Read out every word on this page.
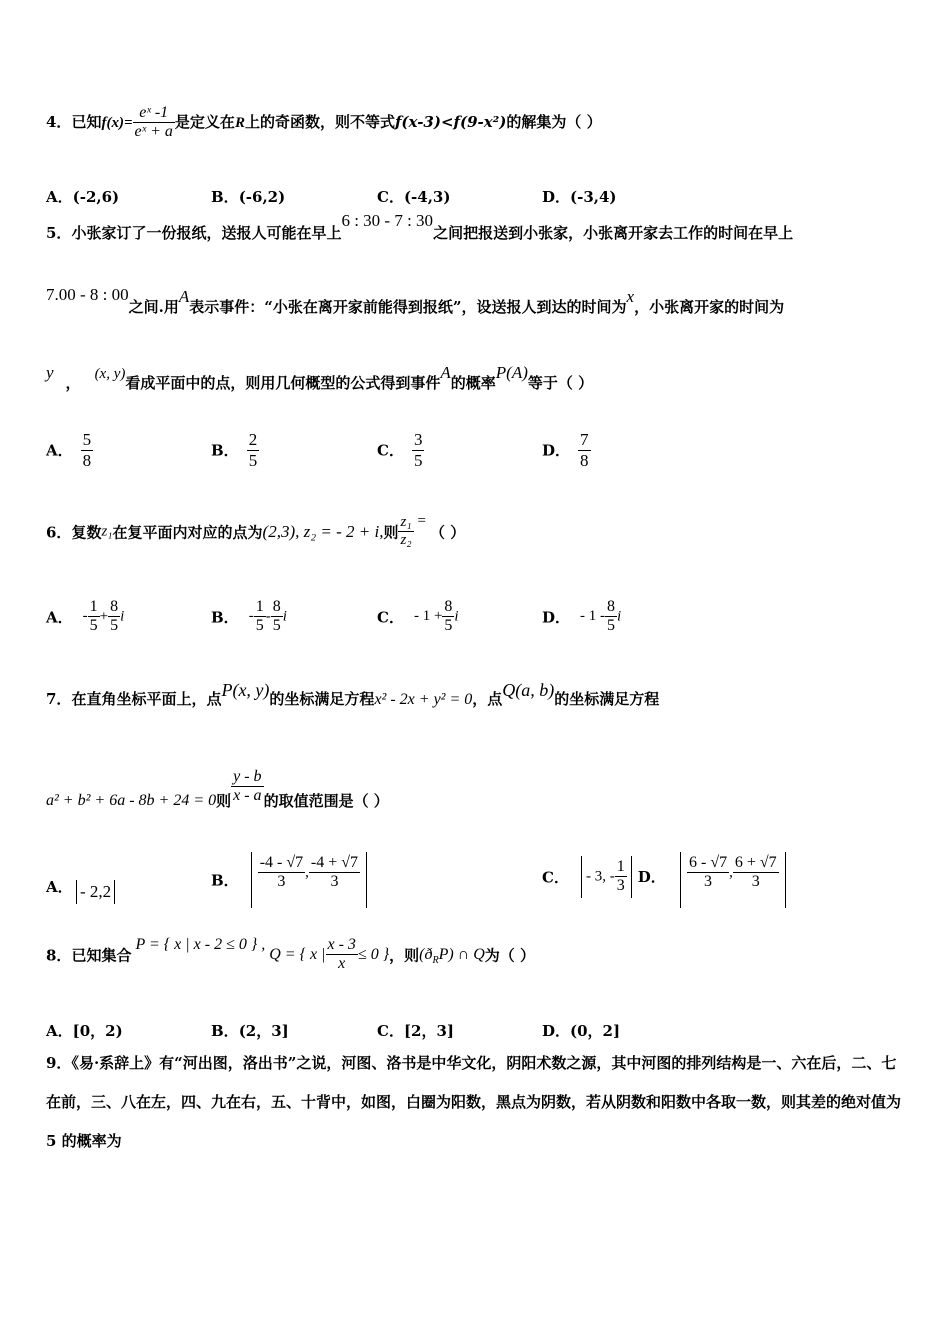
4．已知$f(x)= \frac{\text{eˣ -1}}{\text{eˣ + a}}$ 是定义在R上的奇函数，则不等式f(x-3)<f(9-x²)的解集为（ ）
A．(-2,6)	B．(-6,2)	C．(-4,3)	D．(-3,4)
5．小张家订了一份报纸，送报人可能在早上6 : 30 - 7 : 30之间把报送到小张家，小张离开家去工作的时间在早上
7.00 - 8 : 00之间.用A表示事件：“小张在离开家前能得到报纸”，设送报人到达的时间为x，小张离开家的时间为
y， (x, y)看成平面中的点，则用几何概型的公式得到事件A的概率P(A)等于（ ）
A． $\frac{5}{8}$	B． $\frac{2}{5}$	C． $\frac{3}{5}$	D． $\frac{7}{8}$
6．复数z₁在复平面内对应的点为(2,3), z₂ = - 2 + i,则 $\frac{\text{z₁}}{\text{z₂}}$ =（ ）
A． - $\frac{1}{5} + \frac{8}{5}$ i	B． - $\frac{1}{5} - \frac{8}{5}$ i	C． - $1 + \frac{8}{5}$ i	D． - $1 - \frac{8}{5}$ i
7．在直角坐标平面上，点P(x, y)的坐标满足方程x² - 2x + y² = 0，点Q(a, b)的坐标满足方程
a² + b² + 6a - 8b + 24 = 0则 $\frac{y - b}{x - a}$ 的取值范围是（ ）
A． - 2,2
B． $\frac{-4 - √7}{3}$ , $\frac{-4 + √7}{3}$	C． - 3, - $\frac{1}{3}$ D． $\frac{6 - √7}{3}$ , $\frac{6 + √7}{3}$
8．已知集合P = { x | x - 2 ≤ 0 } ,Q = { x | $\frac{x - 3}{x} \le 0$ }，则$(ð_RP)$ ∩ Q为（ ）
A．[0，2)	B．(2，3]	C．[2，3]	D．(0，2]
9．《易·系辞上》有“河出图，洛出书”之说，河图、洛书是中华文化，阴阳术数之源，其中河图的排列结构是一、六在后，二、七在前，三、八在左，四、九在右，五、十背中，如图，白圈为阳数，黑点为阴数，若从阴数和阳数中各取一数，则其差的绝对值为 5 的概率为
